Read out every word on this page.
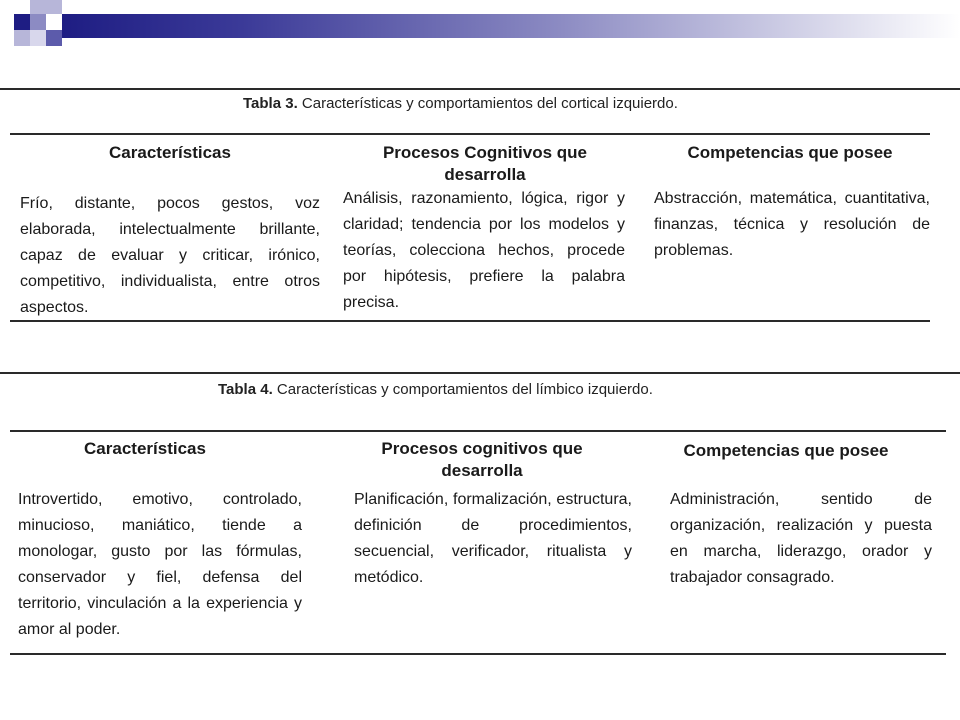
Tabla 3. Características y comportamientos del cortical izquierdo.
Características	Procesos Cognitivos que desarrolla
Competencias que posee
Frío, distante, pocos gestos, voz elaborada, intelectualmente brillante, capaz de evaluar y criticar, irónico, competitivo, individualista, entre otros aspectos.
Análisis, razonamiento, lógica, rigor y claridad; tendencia por los modelos y teorías, colecciona hechos, procede por hipótesis, prefiere la palabra precisa.
Abstracción, matemática, cuantitativa, finanzas, técnica y resolución de problemas.
Tabla 4. Características y comportamientos del límbico izquierdo.
Características	Procesos cognitivos que desarrolla
Competencias que posee
Introvertido, emotivo, controlado, minucioso, maniático, tiende a monologar, gusto por las fórmulas, conservador y fiel, defensa del territorio, vinculación a la experiencia y amor al poder.
Planificación, formalización, estructura, definición de procedimientos, secuencial, verificador, ritualista y metódico.
Administración, sentido de organización, realización y puesta en marcha, liderazgo, orador y trabajador consagrado.
